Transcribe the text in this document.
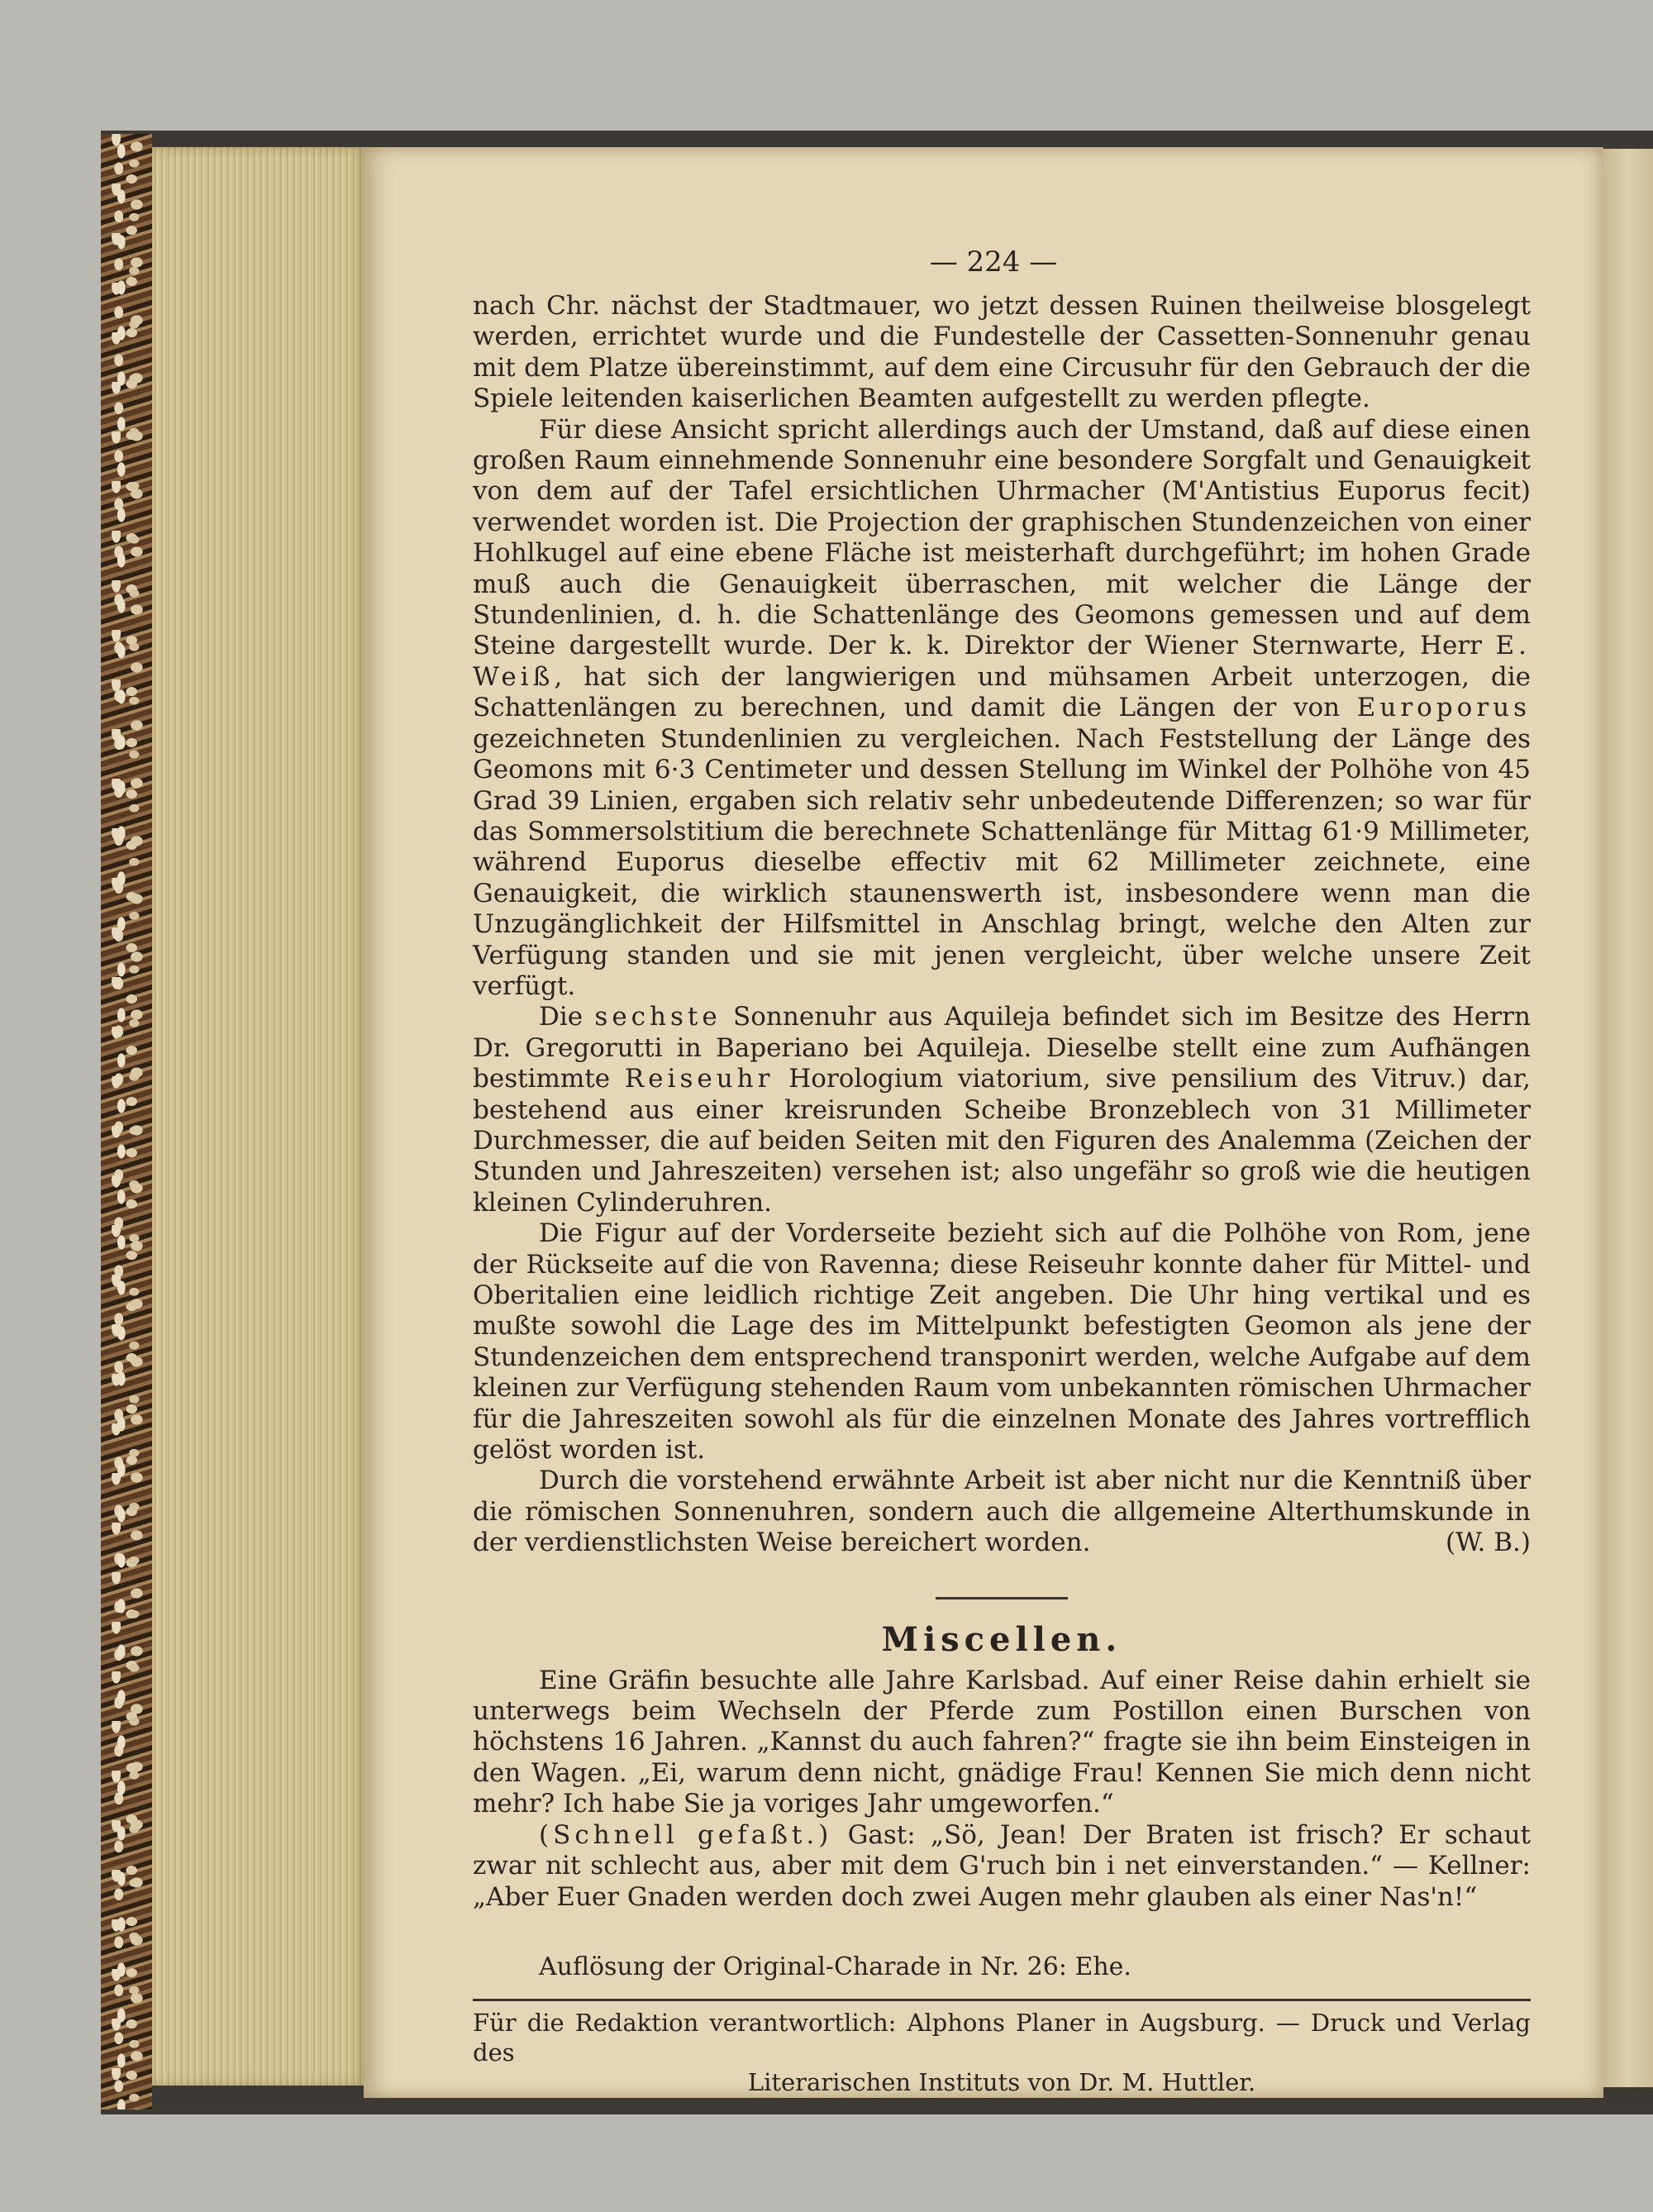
— 224 —

nach Chr. nächst der Stadtmauer, wo jetzt dessen Ruinen theilweise blosgelegt werden, errichtet wurde und die Fundestelle der Cassetten-Sonnenuhr genau mit dem Platze übereinstimmt, auf dem eine Circusuhr für den Gebrauch der die Spiele leitenden kaiserlichen Beamten aufgestellt zu werden pflegte.

Für diese Ansicht spricht allerdings auch der Umstand, daß auf diese einen großen Raum einnehmende Sonnenuhr eine besondere Sorgfalt und Genauigkeit von dem auf der Tafel ersichtlichen Uhrmacher (M'Antistius Euporus fecit) verwendet worden ist. Die Projection der graphischen Stundenzeichen von einer Hohlkugel auf eine ebene Fläche ist meisterhaft durchgeführt; im hohen Grade muß auch die Genauigkeit überraschen, mit welcher die Länge der Stundenlinien, d. h. die Schattenlänge des Geomons gemessen und auf dem Steine dargestellt wurde. Der k. k. Direktor der Wiener Sternwarte, Herr E. Weiß, hat sich der langwierigen und mühsamen Arbeit unterzogen, die Schattenlängen zu berechnen, und damit die Längen der von Europorus gezeichneten Stundenlinien zu vergleichen. Nach Feststellung der Länge des Geomons mit 6·3 Centimeter und dessen Stellung im Winkel der Polhöhe von 45 Grad 39 Linien, ergaben sich relativ sehr unbedeutende Differenzen; so war für das Sommersolstitium die berechnete Schattenlänge für Mittag 61·9 Millimeter, während Euporus dieselbe effectiv mit 62 Millimeter zeichnete, eine Genauigkeit, die wirklich staunenswerth ist, insbesondere wenn man die Unzugänglichkeit der Hilfsmittel in Anschlag bringt, welche den Alten zur Verfügung standen und sie mit jenen vergleicht, über welche unsere Zeit verfügt.

Die sechste Sonnenuhr aus Aquileja befindet sich im Besitze des Herrn Dr. Gregorutti in Baperiano bei Aquileja. Dieselbe stellt eine zum Aufhängen bestimmte Reiseuhr Horologium viatorium, sive pensilium des Vitruv.) dar, bestehend aus einer kreisrunden Scheibe Bronzeblech von 31 Millimeter Durchmesser, die auf beiden Seiten mit den Figuren des Analemma (Zeichen der Stunden und Jahreszeiten) versehen ist; also ungefähr so groß wie die heutigen kleinen Cylinderuhren.

Die Figur auf der Vorderseite bezieht sich auf die Polhöhe von Rom, jene der Rückseite auf die von Ravenna; diese Reiseuhr konnte daher für Mittel- und Oberitalien eine leidlich richtige Zeit angeben. Die Uhr hing vertikal und es mußte sowohl die Lage des im Mittelpunkt befestigten Geomon als jene der Stundenzeichen dem entsprechend transponirt werden, welche Aufgabe auf dem kleinen zur Verfügung stehenden Raum vom unbekannten römischen Uhrmacher für die Jahreszeiten sowohl als für die einzelnen Monate des Jahres vortrefflich gelöst worden ist.

Durch die vorstehend erwähnte Arbeit ist aber nicht nur die Kenntniß über die römischen Sonnenuhren, sondern auch die allgemeine Alterthumskunde in der verdienstlichsten Weise bereichert worden.	(W. B.)

Miscellen.

Eine Gräfin besuchte alle Jahre Karlsbad. Auf einer Reise dahin erhielt sie unterwegs beim Wechseln der Pferde zum Postillon einen Burschen von höchstens 16 Jahren. „Kannst du auch fahren?“ fragte sie ihn beim Einsteigen in den Wagen. „Ei, warum denn nicht, gnädige Frau! Kennen Sie mich denn nicht mehr? Ich habe Sie ja voriges Jahr umgeworfen.“

(Schnell gefaßt.) Gast: „Sö, Jean! Der Braten ist frisch? Er schaut zwar nit schlecht aus, aber mit dem G'ruch bin i net einverstanden.“ — Kellner: „Aber Euer Gnaden werden doch zwei Augen mehr glauben als einer Nas'n!“

Auflösung der Original-Charade in Nr. 26: Ehe.

Für die Redaktion verantwortlich: Alphons Planer in Augsburg. — Druck und Verlag des
Literarischen Instituts von Dr. M. Huttler.
